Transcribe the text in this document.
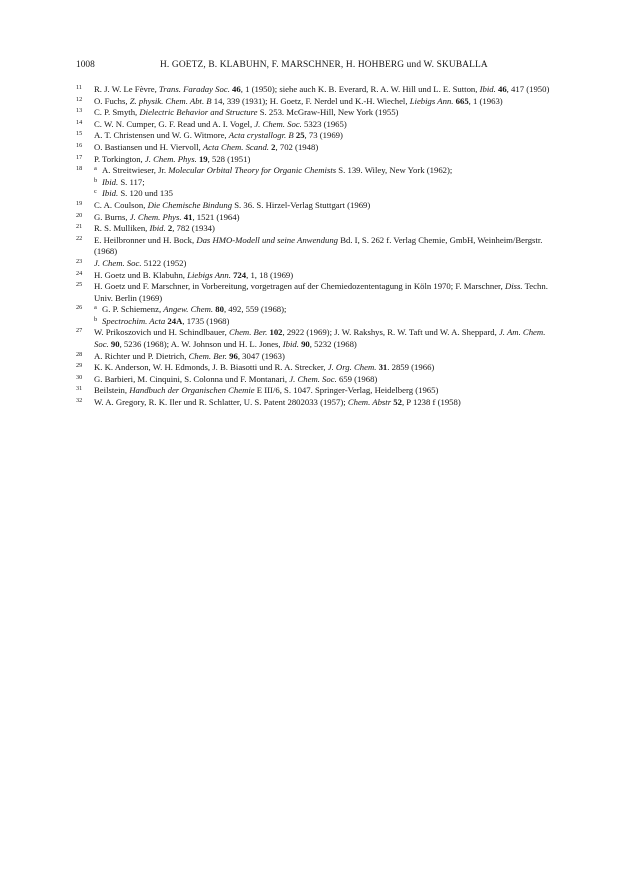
1008	H. GOETZ, B. KLABUHN, F. MARSCHNER, H. HOHBERG und W. SKUBALLA
11 R. J. W. Le Fèvre, Trans. Faraday Soc. 46, 1 (1950); siehe auch K. B. Everard, R. A. W. Hill und L. E. Sutton, Ibid. 46, 417 (1950)
12 O. Fuchs, Z. physik. Chem. Abt. B 14, 339 (1931); H. Goetz, F. Nerdel und K.-H. Wiechel, Liebigs Ann. 665, 1 (1963)
13 C. P. Smyth, Dielectric Behavior and Structure S. 253. McGraw-Hill, New York (1955)
14 C. W. N. Cumper, G. F. Read und A. I. Vogel, J. Chem. Soc. 5323 (1965)
15 A. T. Christensen und W. G. Witmore, Acta crystallogr. B 25, 73 (1969)
16 O. Bastiansen und H. Viervoll, Acta Chem. Scand. 2, 702 (1948)
17 P. Torkington, J. Chem. Phys. 19, 528 (1951)
18 a A. Streitwieser, Jr. Molecular Orbital Theory for Organic Chemists S. 139. Wiley, New York (1962);
b Ibid. S. 117;
c Ibid. S. 120 und 135
19 C. A. Coulson, Die Chemische Bindung S. 36. S. Hirzel-Verlag Stuttgart (1969)
20 G. Burns, J. Chem. Phys. 41, 1521 (1964)
21 R. S. Mulliken, Ibid. 2, 782 (1934)
22 E. Heilbronner und H. Bock, Das HMO-Modell und seine Anwendung Bd. I, S. 262 f. Verlag Chemie, GmbH, Weinheim/Bergstr. (1968)
23 J. Chem. Soc. 5122 (1952)
24 H. Goetz und B. Klabuhn, Liebigs Ann. 724, 1, 18 (1969)
25 H. Goetz und F. Marschner, in Vorbereitung, vorgetragen auf der Chemiedozententagung in Köln 1970; F. Marschner, Diss. Techn. Univ. Berlin (1969)
26 a G. P. Schiemenz, Angew. Chem. 80, 492, 559 (1968);
b Spectrochim. Acta 24A, 1735 (1968)
27 W. Prikoszovich und H. Schindlbauer, Chem. Ber. 102, 2922 (1969); J. W. Rakshys, R. W. Taft und W. A. Sheppard, J. Am. Chem. Soc. 90, 5236 (1968); A. W. Johnson und H. L. Jones, Ibid. 90, 5232 (1968)
28 A. Richter und P. Dietrich, Chem. Ber. 96, 3047 (1963)
29 K. K. Anderson, W. H. Edmonds, J. B. Biasotti und R. A. Strecker, J. Org. Chem. 31. 2859 (1966)
30 G. Barbieri, M. Cinquini, S. Colonna und F. Montanari, J. Chem. Soc. 659 (1968)
31 Beilstein, Handbuch der Organischen Chemie E III/6, S. 1047. Springer-Verlag, Heidelberg (1965)
32 W. A. Gregory, R. K. Iler und R. Schlatter, U. S. Patent 2802033 (1957); Chem. Abstr 52, P 1238 f (1958)
